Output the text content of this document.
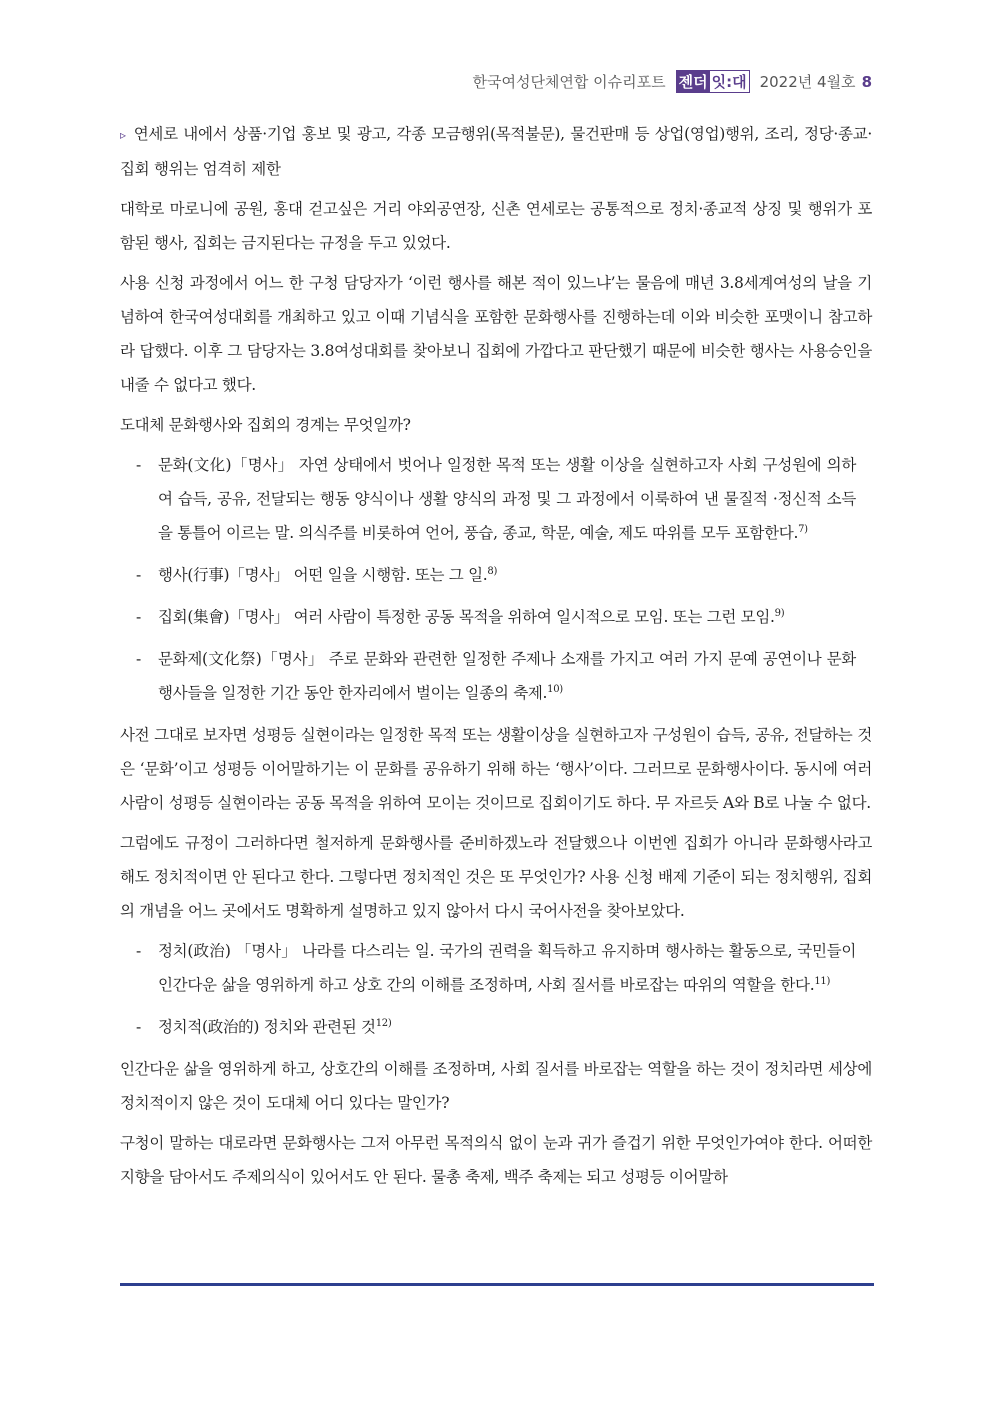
한국여성단체연합 이슈리포트 젠더 잇:대 2022년 4월호 8

▹ 연세로 내에서 상품·기업 홍보 및 광고, 각종 모금행위(목적불문), 물건판매 등 상업(영업)행위, 조리, 정당·종교·집회 행위는 엄격히 제한

대학로 마로니에 공원, 홍대 걷고싶은 거리 야외공연장, 신촌 연세로는 공통적으로 정치·종교적 상징 및 행위가 포함된 행사, 집회는 금지된다는 규정을 두고 있었다.

사용 신청 과정에서 어느 한 구청 담당자가 ‘이런 행사를 해본 적이 있느냐’는 물음에 매년 3.8세계여성의 날을 기념하여 한국여성대회를 개최하고 있고 이때 기념식을 포함한 문화행사를 진행하는데 이와 비슷한 포맷이니 참고하라 답했다. 이후 그 담당자는 3.8여성대회를 찾아보니 집회에 가깝다고 판단했기 때문에 비슷한 행사는 사용승인을 내줄 수 없다고 했다.

도대체 문화행사와 집회의 경계는 무엇일까?

- 문화(文化)「명사」 자연 상태에서 벗어나 일정한 목적 또는 생활 이상을 실현하고자 사회 구성원에 의하여 습득, 공유, 전달되는 행동 양식이나 생활 양식의 과정 및 그 과정에서 이룩하여 낸 물질적 ·정신적 소득을 통틀어 이르는 말. 의식주를 비롯하여 언어, 풍습, 종교, 학문, 예술, 제도 따위를 모두 포함한다.$^{7)}$
- 행사(行事)「명사」 어떤 일을 시행함. 또는 그 일.$^{8)}$
- 집회(集會)「명사」 여러 사람이 특정한 공동 목적을 위하여 일시적으로 모임. 또는 그런 모임.$^{9)}$
- 문화제(文化祭)「명사」 주로 문화와 관련한 일정한 주제나 소재를 가지고 여러 가지 문예 공연이나 문화 행사들을 일정한 기간 동안 한자리에서 벌이는 일종의 축제.$^{10)}$

사전 그대로 보자면 성평등 실현이라는 일정한 목적 또는 생활이상을 실현하고자 구성원이 습득, 공유, 전달하는 것은 ‘문화’이고 성평등 이어말하기는 이 문화를 공유하기 위해 하는 ‘행사’이다. 그러므로 문화행사이다. 동시에 여러 사람이 성평등 실현이라는 공동 목적을 위하여 모이는 것이므로 집회이기도 하다. 무 자르듯 A와 B로 나눌 수 없다.

그럼에도 규정이 그러하다면 철저하게 문화행사를 준비하겠노라 전달했으나 이번엔 집회가 아니라 문화행사라고 해도 정치적이면 안 된다고 한다. 그렇다면 정치적인 것은 또 무엇인가? 사용 신청 배제 기준이 되는 정치행위, 집회의 개념을 어느 곳에서도 명확하게 설명하고 있지 않아서 다시 국어사전을 찾아보았다.

- 정치(政治) 「명사」 나라를 다스리는 일. 국가의 권력을 획득하고 유지하며 행사하는 활동으로, 국민들이 인간다운 삶을 영위하게 하고 상호 간의 이해를 조정하며, 사회 질서를 바로잡는 따위의 역할을 한다.$^{11)}$
- 정치적(政治的) 정치와 관련된 것$^{12)}$

인간다운 삶을 영위하게 하고, 상호간의 이해를 조정하며, 사회 질서를 바로잡는 역할을 하는 것이 정치라면 세상에 정치적이지 않은 것이 도대체 어디 있다는 말인가?

구청이 말하는 대로라면 문화행사는 그저 아무런 목적의식 없이 눈과 귀가 즐겁기 위한 무엇인가여야 한다. 어떠한 지향을 담아서도 주제의식이 있어서도 안 된다. 물총 축제, 백주 축제는 되고 성평등 이어말하
